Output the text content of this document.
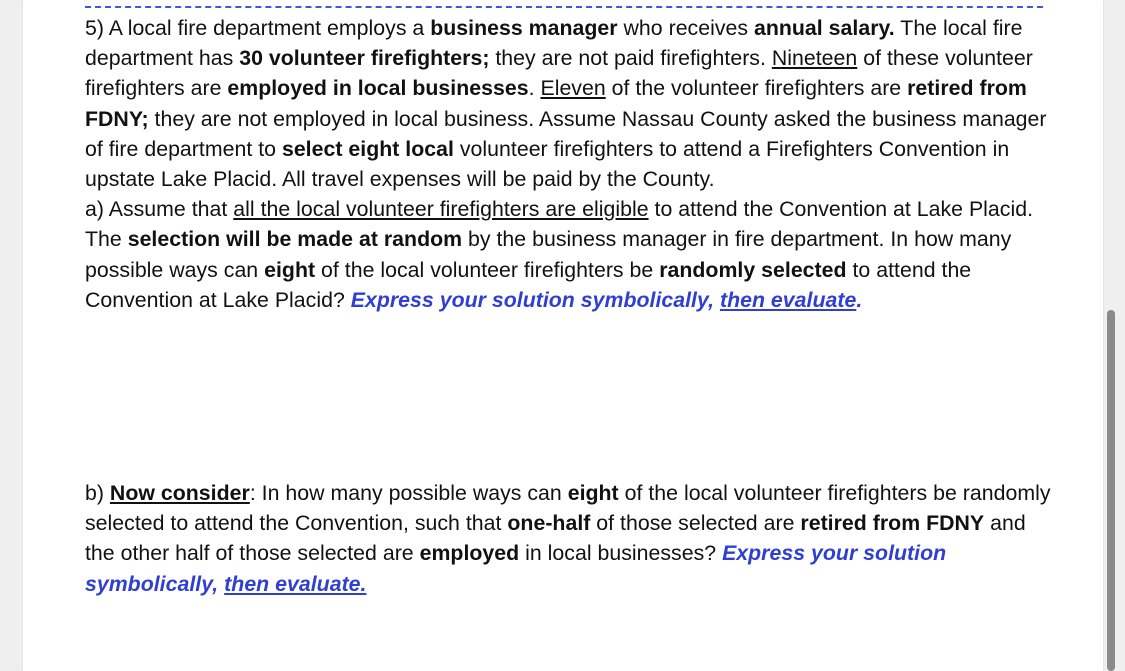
5) A local fire department employs a business manager who receives annual salary. The local fire department has 30 volunteer firefighters; they are not paid firefighters. Nineteen of these volunteer firefighters are employed in local businesses. Eleven of the volunteer firefighters are retired from FDNY; they are not employed in local business. Assume Nassau County asked the business manager of fire department to select eight local volunteer firefighters to attend a Firefighters Convention in upstate Lake Placid. All travel expenses will be paid by the County.
a) Assume that all the local volunteer firefighters are eligible to attend the Convention at Lake Placid. The selection will be made at random by the business manager in fire department. In how many possible ways can eight of the local volunteer firefighters be randomly selected to attend the Convention at Lake Placid? Express your solution symbolically, then evaluate.
b) Now consider: In how many possible ways can eight of the local volunteer firefighters be randomly selected to attend the Convention, such that one-half of those selected are retired from FDNY and the other half of those selected are employed in local businesses? Express your solution symbolically, then evaluate.
